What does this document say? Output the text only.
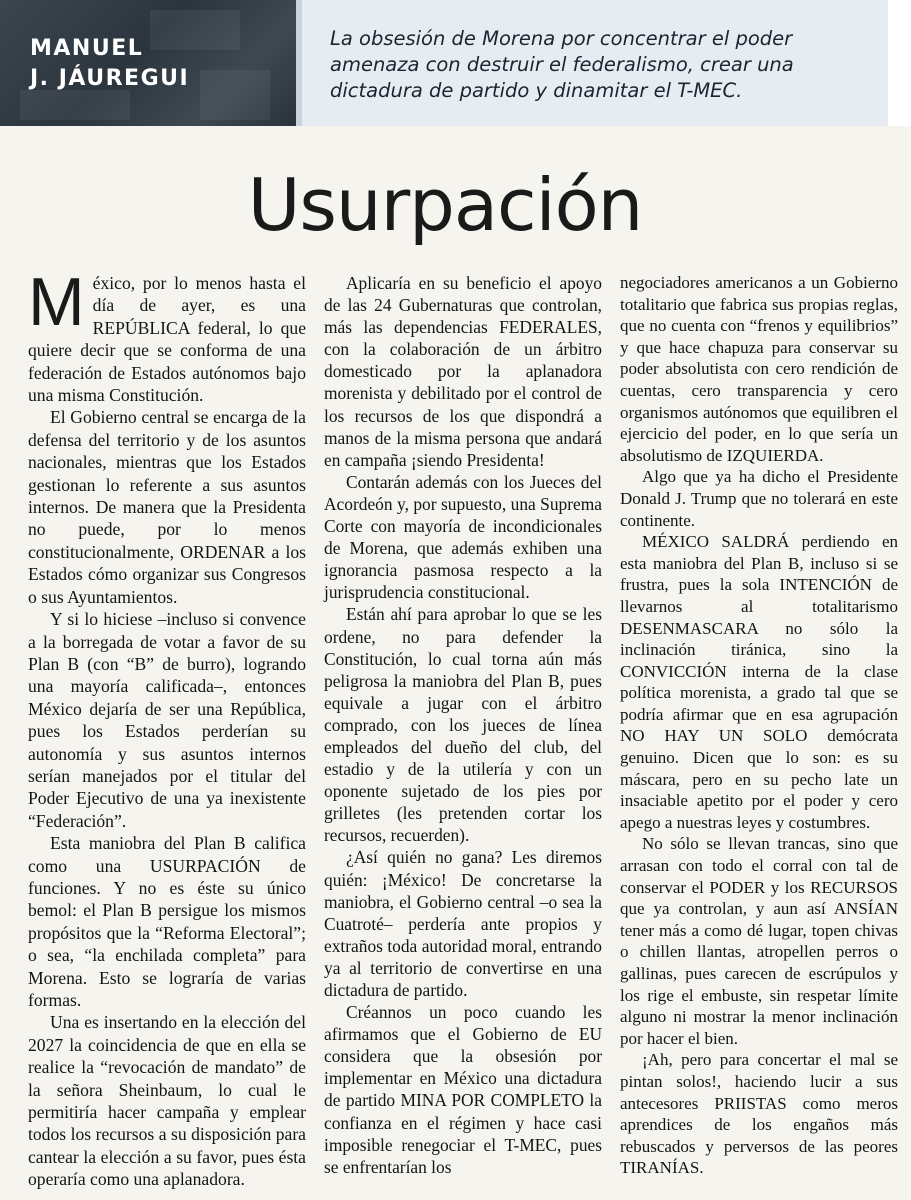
MANUEL
J. JÁUREGUI

La obsesión de Morena por concentrar el poder amenaza con destruir el federalismo, crear una dictadura de partido y dinamitar el T-MEC.

Usurpación

México, por lo menos hasta el día de ayer, es una REPÚBLICA federal, lo que quiere decir que se conforma de una federación de Estados autónomos bajo una misma Constitución.

El Gobierno central se encarga de la defensa del territorio y de los asuntos nacionales, mientras que los Estados gestionan lo referente a sus asuntos internos. De manera que la Presidenta no puede, por lo menos constitucionalmente, ORDENAR a los Estados cómo organizar sus Congresos o sus Ayuntamientos.

Y si lo hiciese –incluso si convence a la borregada de votar a favor de su Plan B (con “B” de burro), logrando una mayoría calificada–, entonces México dejaría de ser una República, pues los Estados perderían su autonomía y sus asuntos internos serían manejados por el titular del Poder Ejecutivo de una ya inexistente “Federación”.

Esta maniobra del Plan B califica como una USURPACIÓN de funciones. Y no es éste su único bemol: el Plan B persigue los mismos propósitos que la “Reforma Electoral”; o sea, “la enchilada completa” para Morena. Esto se lograría de varias formas.

Una es insertando en la elección del 2027 la coincidencia de que en ella se realice la “revocación de mandato” de la señora Sheinbaum, lo cual le permitiría hacer campaña y emplear todos los recursos a su disposición para cantear la elección a su favor, pues ésta operaría como una aplanadora.

Aplicaría en su beneficio el apoyo de las 24 Gubernaturas que controlan, más las dependencias FEDERALES, con la colaboración de un árbitro domesticado por la aplanadora morenista y debilitado por el control de los recursos de los que dispondrá a manos de la misma persona que andará en campaña ¡siendo Presidenta!

Contarán además con los Jueces del Acordeón y, por supuesto, una Suprema Corte con mayoría de incondicionales de Morena, que además exhiben una ignorancia pasmosa respecto a la jurisprudencia constitucional.

Están ahí para aprobar lo que se les ordene, no para defender la Constitución, lo cual torna aún más peligrosa la maniobra del Plan B, pues equivale a jugar con el árbitro comprado, con los jueces de línea empleados del dueño del club, del estadio y de la utilería y con un oponente sujetado de los pies por grilletes (les pretenden cortar los recursos, recuerden).

¿Así quién no gana? Les diremos quién: ¡México! De concretarse la maniobra, el Gobierno central –o sea la Cuatroté– perdería ante propios y extraños toda autoridad moral, entrando ya al territorio de convertirse en una dictadura de partido.

Créannos un poco cuando les afirmamos que el Gobierno de EU considera que la obsesión por implementar en México una dictadura de partido MINA POR COMPLETO la confianza en el régimen y hace casi imposible renegociar el T-MEC, pues se enfrentarían los

negociadores americanos a un Gobierno totalitario que fabrica sus propias reglas, que no cuenta con “frenos y equilibrios” y que hace chapuza para conservar su poder absolutista con cero rendición de cuentas, cero transparencia y cero organismos autónomos que equilibren el ejercicio del poder, en lo que sería un absolutismo de IZQUIERDA.

Algo que ya ha dicho el Presidente Donald J. Trump que no tolerará en este continente.

MÉXICO SALDRÁ perdiendo en esta maniobra del Plan B, incluso si se frustra, pues la sola INTENCIÓN de llevarnos al totalitarismo DESENMASCARA no sólo la inclinación tiránica, sino la CONVICCIÓN interna de la clase política morenista, a grado tal que se podría afirmar que en esa agrupación NO HAY UN SOLO demócrata genuino. Dicen que lo son: es su máscara, pero en su pecho late un insaciable apetito por el poder y cero apego a nuestras leyes y costumbres.

No sólo se llevan trancas, sino que arrasan con todo el corral con tal de conservar el PODER y los RECURSOS que ya controlan, y aun así ANSÍAN tener más a como dé lugar, topen chivas o chillen llantas, atropellen perros o gallinas, pues carecen de escrúpulos y los rige el embuste, sin respetar límite alguno ni mostrar la menor inclinación por hacer el bien.

¡Ah, pero para concertar el mal se pintan solos!, haciendo lucir a sus antecesores PRIISTAS como meros aprendices de los engaños más rebuscados y perversos de las peores TIRANÍAS.
